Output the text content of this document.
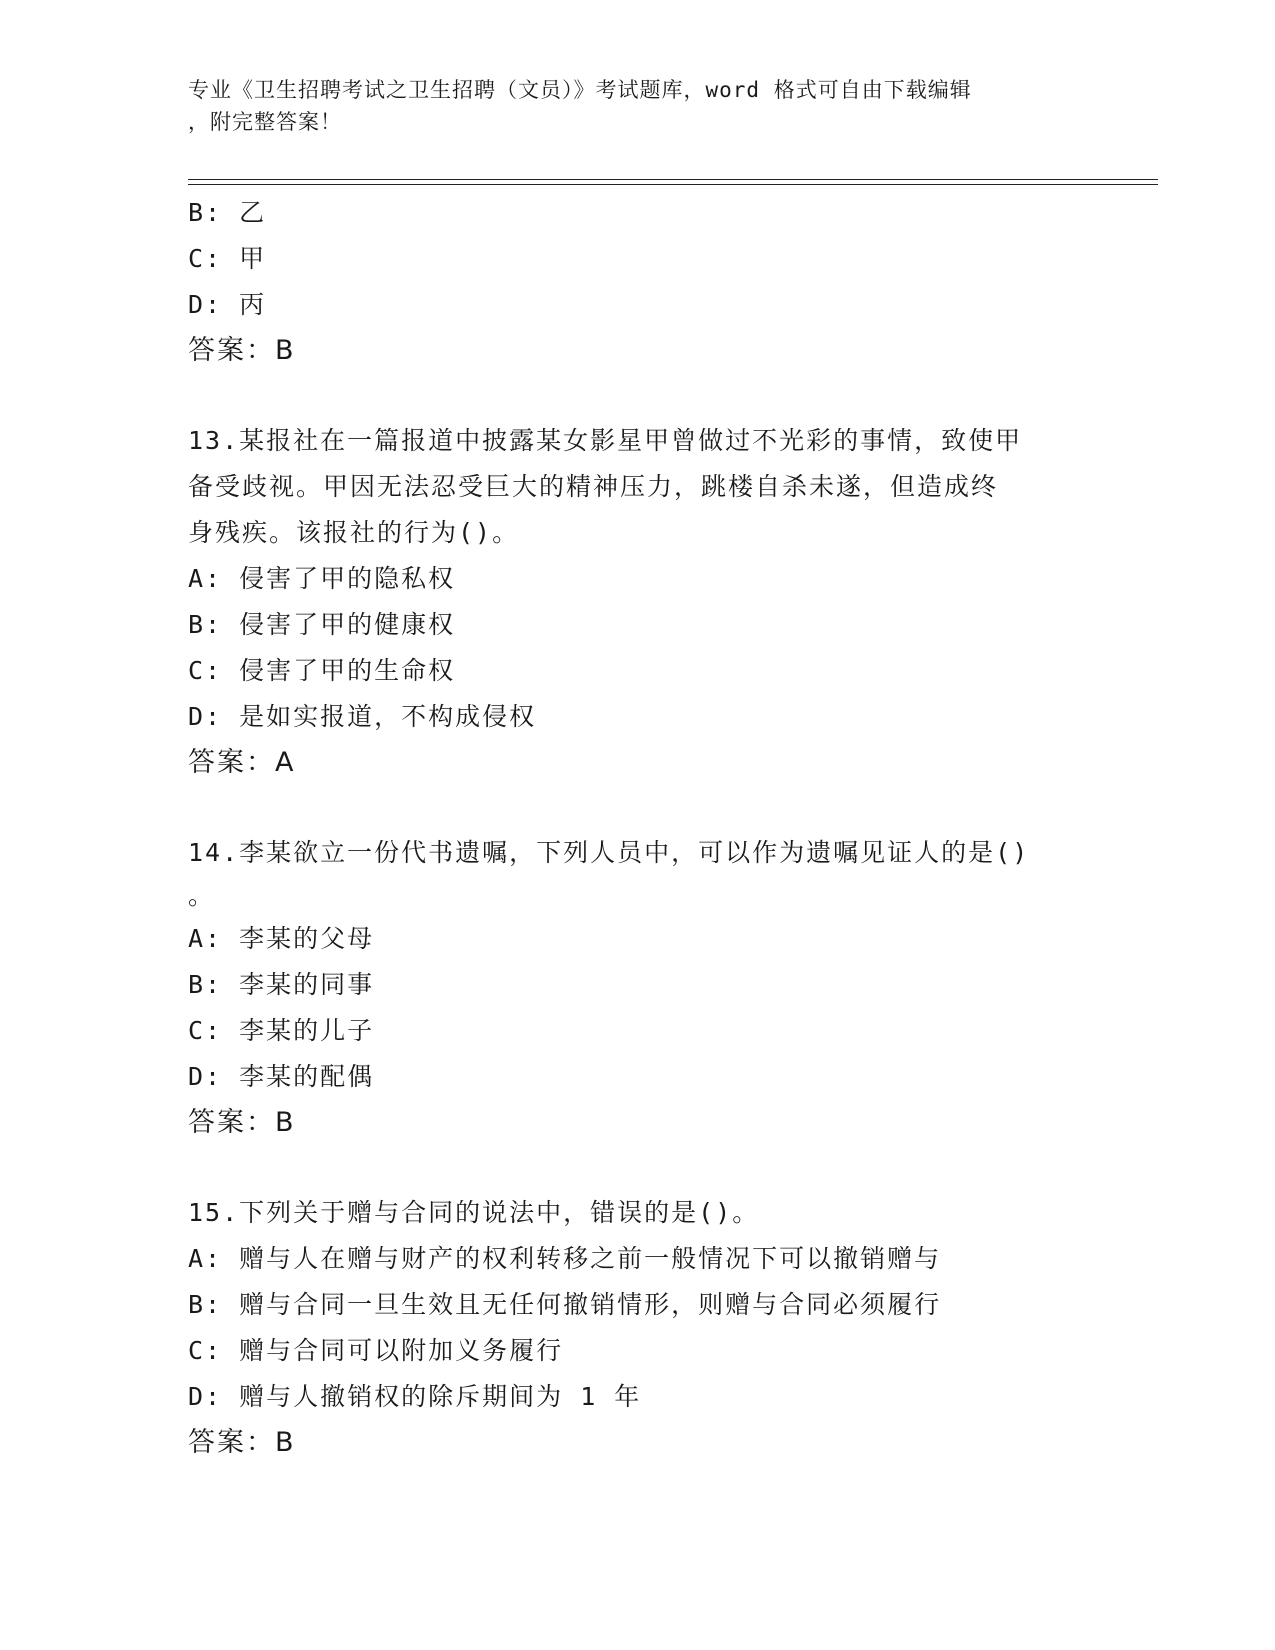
专业《卫生招聘考试之卫生招聘（文员）》考试题库，word 格式可自由下载编辑
，附完整答案！
B: 乙
C: 甲
D: 丙
答案：B
13.某报社在一篇报道中披露某女影星甲曾做过不光彩的事情，致使甲
备受歧视。甲因无法忍受巨大的精神压力，跳楼自杀未遂，但造成终
身残疾。该报社的行为()。
A: 侵害了甲的隐私权
B: 侵害了甲的健康权
C: 侵害了甲的生命权
D: 是如实报道，不构成侵权
答案：A
14.李某欲立一份代书遗嘱，下列人员中，可以作为遗嘱见证人的是()
。
A: 李某的父母
B: 李某的同事
C: 李某的儿子
D: 李某的配偶
答案：B
15.下列关于赠与合同的说法中，错误的是()。
A: 赠与人在赠与财产的权利转移之前一般情况下可以撤销赠与
B: 赠与合同一旦生效且无任何撤销情形，则赠与合同必须履行
C: 赠与合同可以附加义务履行
D: 赠与人撤销权的除斥期间为 1 年
答案：B
